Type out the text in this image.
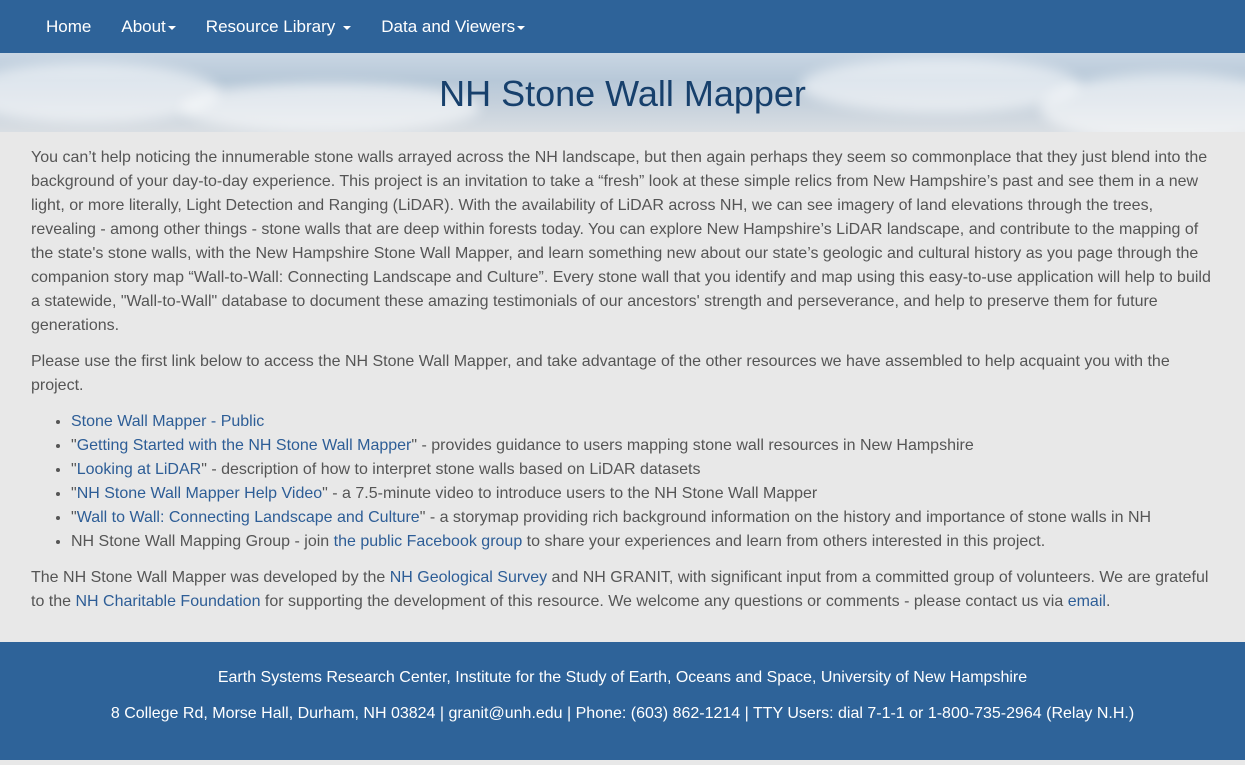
Home About Resource Library	Data and Viewers
NH Stone Wall Mapper

You can’t help noticing the innumerable stone walls arrayed across the NH landscape, but then again perhaps they seem so commonplace that they just blend into the background of your day-to-day experience. This project is an invitation to take a “fresh” look at these simple relics from New Hampshire’s past and see them in a new light, or more literally, Light Detection and Ranging (LiDAR). With the availability of LiDAR across NH, we can see imagery of land elevations through the trees, revealing - among other things - stone walls that are deep within forests today. You can explore New Hampshire’s LiDAR landscape, and contribute to the mapping of the state's stone walls, with the New Hampshire Stone Wall Mapper, and learn something new about our state’s geologic and cultural history as you page through the companion story map “Wall-to-Wall: Connecting Landscape and Culture”. Every stone wall that you identify and map using this easy-to-use application will help to build a statewide, "Wall-to-Wall" database to document these amazing testimonials of our ancestors' strength and perseverance, and help to preserve them for future generations.

Please use the first link below to access the NH Stone Wall Mapper, and take advantage of the other resources we have assembled to help acquaint you with the project.

• Stone Wall Mapper - Public
• "Getting Started with the NH Stone Wall Mapper" - provides guidance to users mapping stone wall resources in New Hampshire
• "Looking at LiDAR" - description of how to interpret stone walls based on LiDAR datasets
• "NH Stone Wall Mapper Help Video" - a 7.5-minute video to introduce users to the NH Stone Wall Mapper
• "Wall to Wall: Connecting Landscape and Culture" - a storymap providing rich background information on the history and importance of stone walls in NH
• NH Stone Wall Mapping Group - join the public Facebook group to share your experiences and learn from others interested in this project.

The NH Stone Wall Mapper was developed by the NH Geological Survey and NH GRANIT, with significant input from a committed group of volunteers. We are grateful to the NH Charitable Foundation for supporting the development of this resource. We welcome any questions or comments - please contact us via email.

Earth Systems Research Center, Institute for the Study of Earth, Oceans and Space, University of New Hampshire
8 College Rd, Morse Hall, Durham, NH 03824 | granit@unh.edu | Phone: (603) 862-1214 | TTY Users: dial 7-1-1 or 1-800-735-2964 (Relay N.H.)
